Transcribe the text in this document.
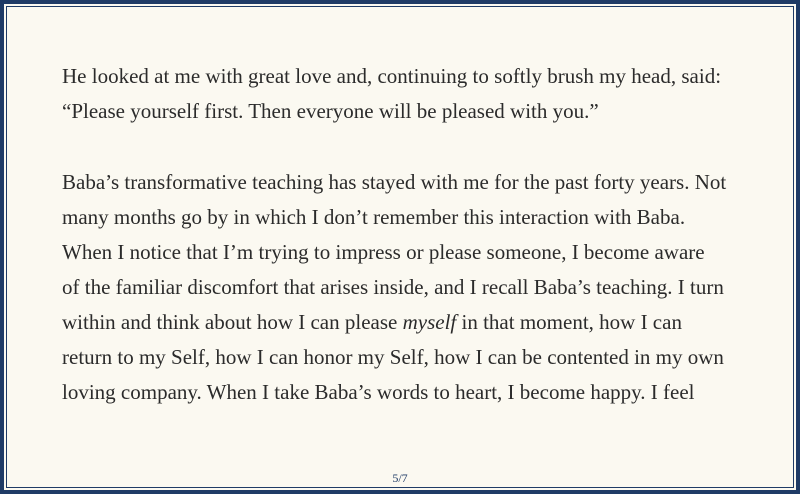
He looked at me with great love and, continuing to softly brush my head, said:
“Please yourself first. Then everyone will be pleased with you.”
Baba’s transformative teaching has stayed with me for the past forty years. Not
many months go by in which I don’t remember this interaction with Baba.
When I notice that I’m trying to impress or please someone, I become aware
of the familiar discomfort that arises inside, and I recall Baba’s teaching. I turn
within and think about how I can please myself in that moment, how I can
return to my Self, how I can honor my Self, how I can be contented in my own
loving company. When I take Baba’s words to heart, I become happy. I feel
5/7
